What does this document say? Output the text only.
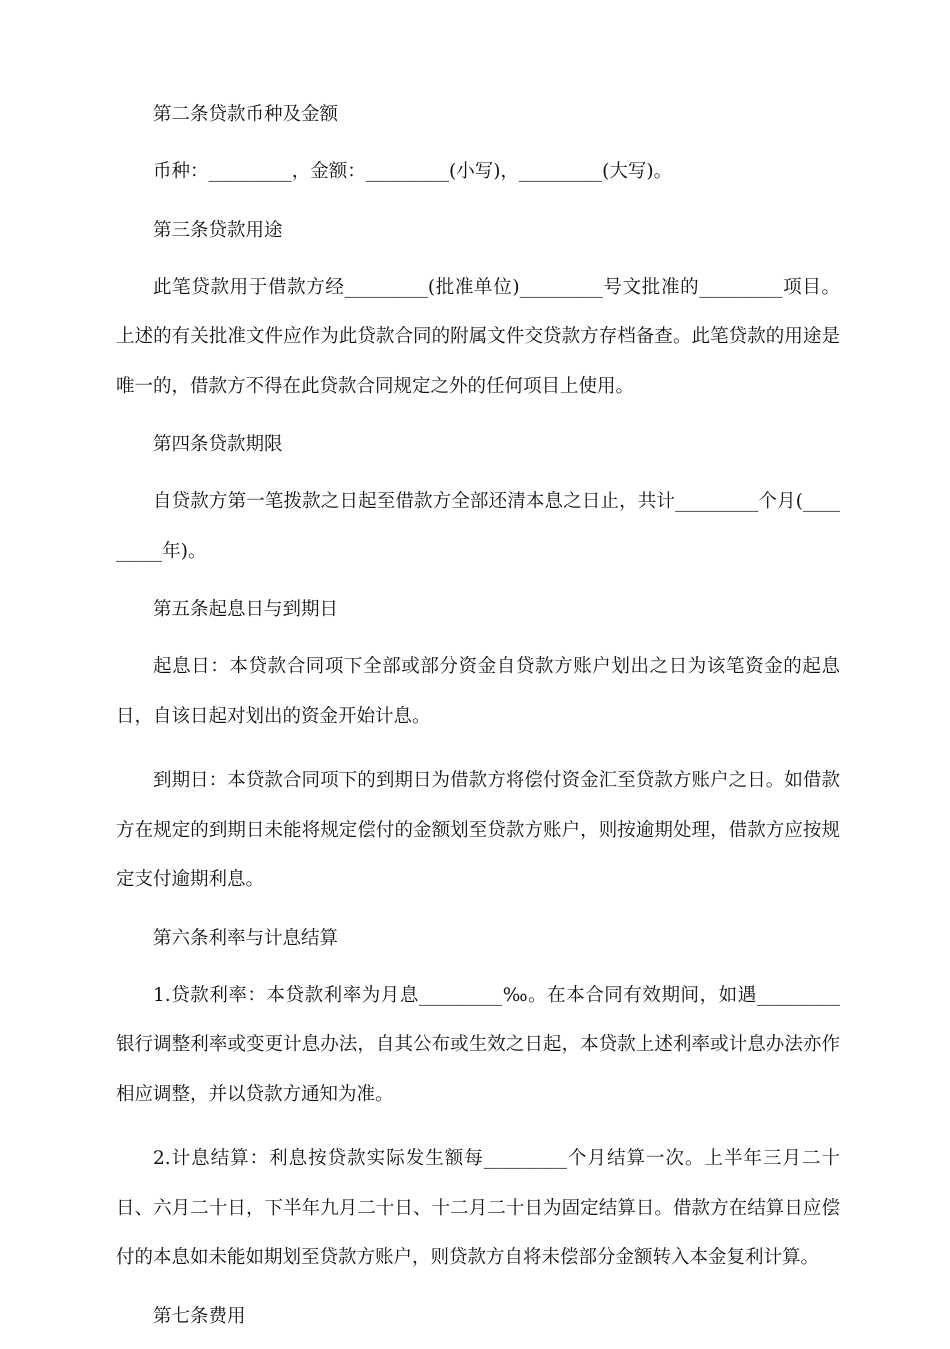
第二条贷款币种及金额

币种：_________，金额：_________(小写)，_________(大写)。

第三条贷款用途

此笔贷款用于借款方经_________(批准单位)_________号文批准的_________项目。上述的有关批准文件应作为此贷款合同的附属文件交贷款方存档备查。此笔贷款的用途是唯一的，借款方不得在此贷款合同规定之外的任何项目上使用。

第四条贷款期限

自贷款方第一笔拨款之日起至借款方全部还清本息之日止，共计_________个月(_________年)。

第五条起息日与到期日

起息日：本贷款合同项下全部或部分资金自贷款方账户划出之日为该笔资金的起息日，自该日起对划出的资金开始计息。

到期日：本贷款合同项下的到期日为借款方将偿付资金汇至贷款方账户之日。如借款方在规定的到期日未能将规定偿付的金额划至贷款方账户，则按逾期处理，借款方应按规定支付逾期利息。

第六条利率与计息结算

1.贷款利率：本贷款利率为月息_________‰。在本合同有效期间，如遇_________银行调整利率或变更计息办法，自其公布或生效之日起，本贷款上述利率或计息办法亦作相应调整，并以贷款方通知为准。

2.计息结算：利息按贷款实际发生额每_________个月结算一次。上半年三月二十日、六月二十日，下半年九月二十日、十二月二十日为固定结算日。借款方在结算日应偿付的本息如未能如期划至贷款方账户，则贷款方自将未偿部分金额转入本金复利计算。

第七条费用
